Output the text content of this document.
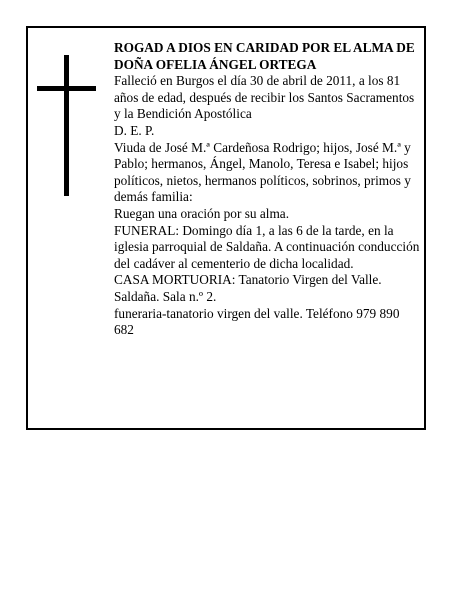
ROGAD A DIOS EN CARIDAD POR EL ALMA DE

DOÑA OFELIA ÁNGEL ORTEGA

Falleció en Burgos el día 30 de abril de 2011, a los 81 años de edad, después de recibir los Santos Sacramentos y la Bendición Apostólica

D. E. P.

Viuda de José M.ª Cardeñosa Rodrigo; hijos, José M.ª y Pablo; hermanos, Ángel, Manolo, Teresa e Isabel; hijos políticos, nietos, hermanos políticos, sobrinos, primos y demás familia:

Ruegan una oración por su alma.

FUNERAL: Domingo día 1, a las 6 de la tarde, en la iglesia parroquial de Saldaña. A continuación conducción del cadáver al cementerio de dicha localidad.

CASA MORTUORIA: Tanatorio Virgen del Valle. Saldaña. Sala n.º 2.

funeraria-tanatorio virgen del valle. Teléfono 979 890 682
